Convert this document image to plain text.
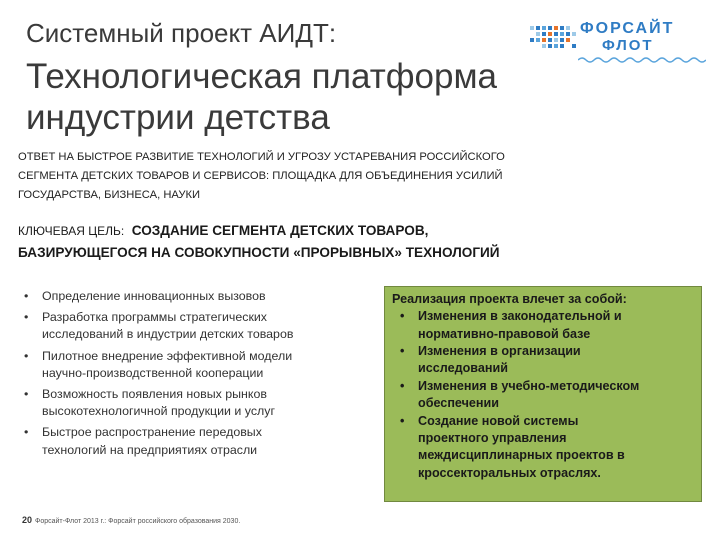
Системный проект АИДТ:
Технологическая платформа
индустрии детства
ФОРСАЙТ
ФЛОТ
ОТВЕТ НА БЫСТРОЕ РАЗВИТИЕ ТЕХНОЛОГИЙ И УГРОЗУ УСТАРЕВАНИЯ РОССИЙСКОГО
СЕГМЕНТА ДЕТСКИХ ТОВАРОВ И СЕРВИСОВ: ПЛОЩАДКА ДЛЯ ОБЪЕДИНЕНИЯ УСИЛИЙ
ГОСУДАРСТВА, БИЗНЕСА, НАУКИ
КЛЮЧЕВАЯ ЦЕЛЬ: СОЗДАНИЕ СЕГМЕНТА ДЕТСКИХ ТОВАРОВ,
БАЗИРУЮЩЕГОСЯ НА СОВОКУПНОСТИ «ПРОРЫВНЫХ» ТЕХНОЛОГИЙ
• Определение инновационных вызовов
• Разработка программы стратегических
исследований в индустрии детских товаров
• Пилотное внедрение эффективной модели
научно-производственной кооперации
• Возможность появления новых рынков
высокотехнологичной продукции и услуг
• Быстрое распространение передовых
технологий на предприятиях отрасли
Реализация проекта влечет за собой:
• Изменения в законодательной и
нормативно-правовой базе
• Изменения в организации
исследований
• Изменения в учебно-методическом
обеспечении
• Создание новой системы
проектного управления
междисциплинарных проектов в
кроссекторальных отраслях.
20 Форсайт-Флот 2013 г.: Форсайт российского образования 2030.
